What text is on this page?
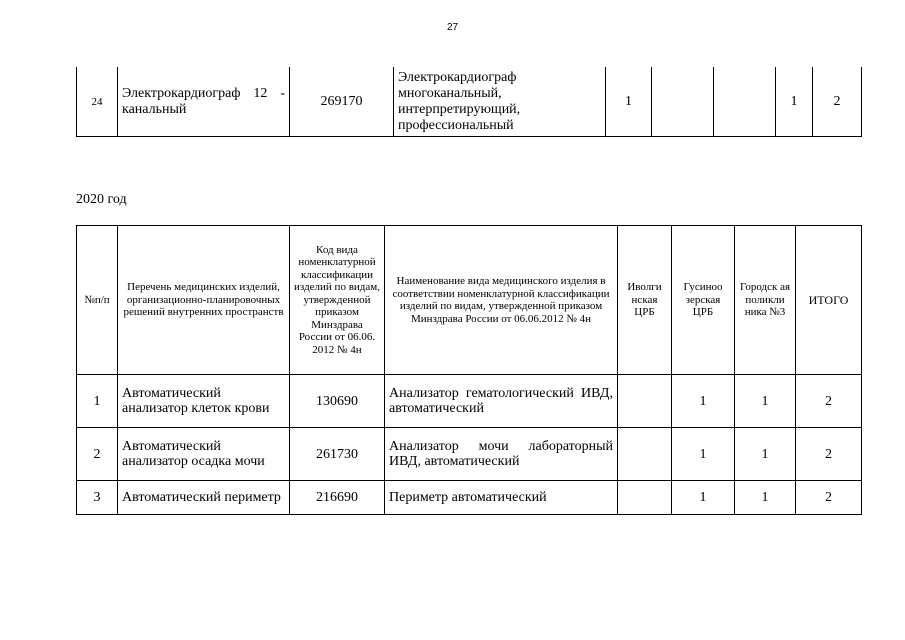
27
24	Электрокардиограф 12 - канальный	269170	Электрокардиограф многоканальный, интерпретирующий, профессиональный	1			1	2
2020 год
№п/п	Перечень медицинских изделий, организационно-планировочных решений внутренних пространств	Код вида номенклатурной классификации изделий по видам, утвержденной приказом Минздрава России от 06.06. 2012 № 4н	Наименование вида медицинского изделия в соответствии номенклатурной классификации изделий по видам, утвержденной приказом Минздрава России от 06.06.2012 № 4н	Иволги нская ЦРБ	Гусиноо зерская ЦРБ	Городск ая поликли ника №3	ИТОГО
1	Автоматический анализатор клеток крови	130690	Анализатор гематологический ИВД, автоматический		1	1	2
2	Автоматический анализатор осадка мочи	261730	Анализатор мочи лабораторный ИВД, автоматический		1	1	2
3	Автоматический периметр	216690	Периметр автоматический		1	1	2
